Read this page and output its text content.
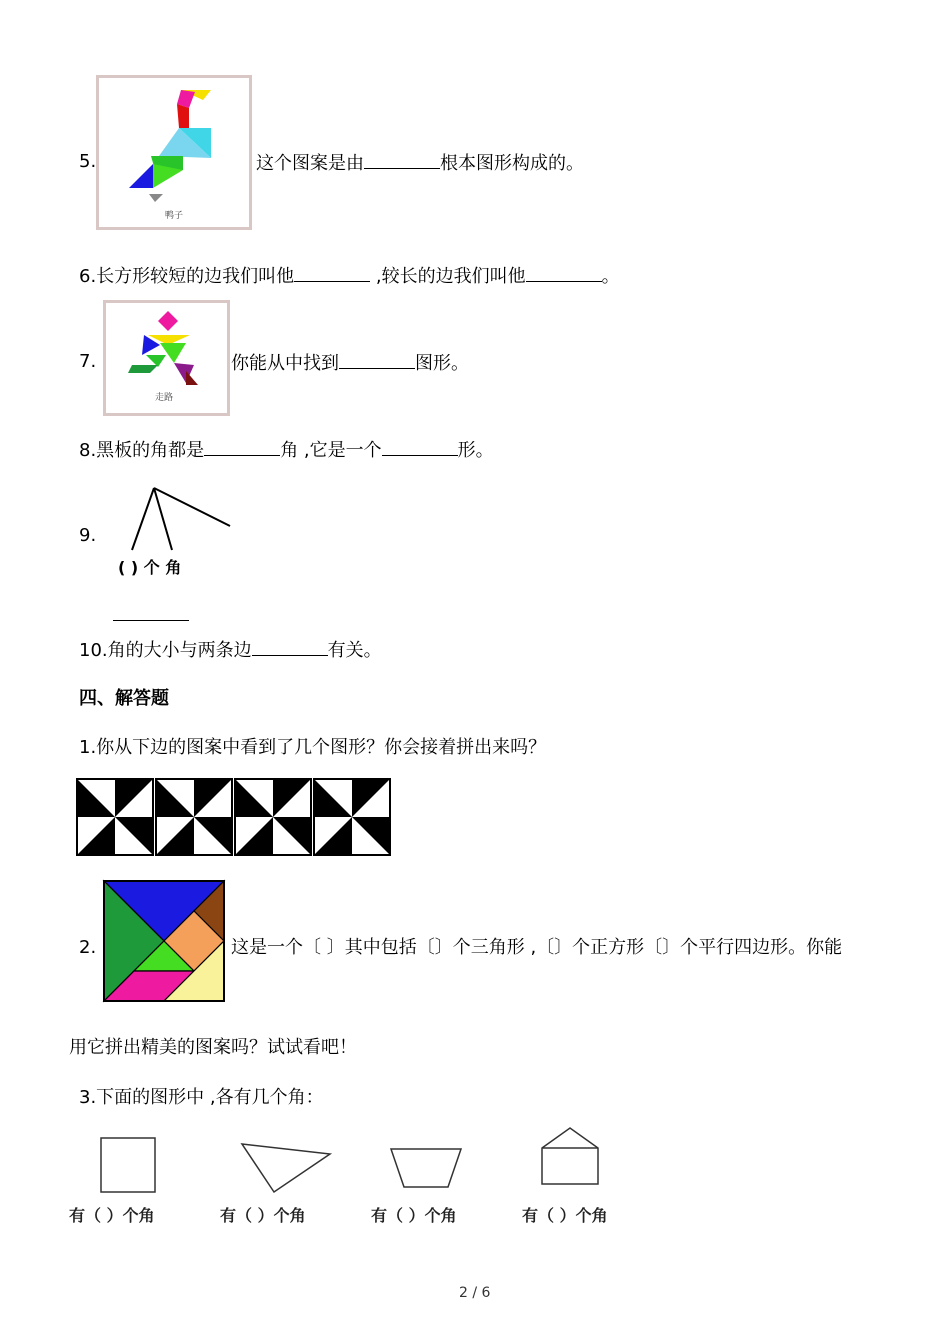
5.
鸭子
这个图案是由	根本图形构成的。
6.长方形较短的边我们叫他	,较长的边我们叫他	。
7.
走路
你能从中找到	图形。
8.黑板的角都是	角 ,它是一个	形。
9.
( ) 个 角
10.角的大小与两条边	有关。
四、解答题
1.你从下边的图案中看到了几个图形？你会接着拼出来吗？
2.	这是一个〔 〕其中包括〔〕个三角形 ,〔〕个正方形〔〕个平行四边形。你能
用它拼出精美的图案吗？试试看吧！
3.下面的图形中 ,各有几个角：
有（ ）个角	有（ ）个角	有（ ）个角	有（ ）个角
2 / 6
